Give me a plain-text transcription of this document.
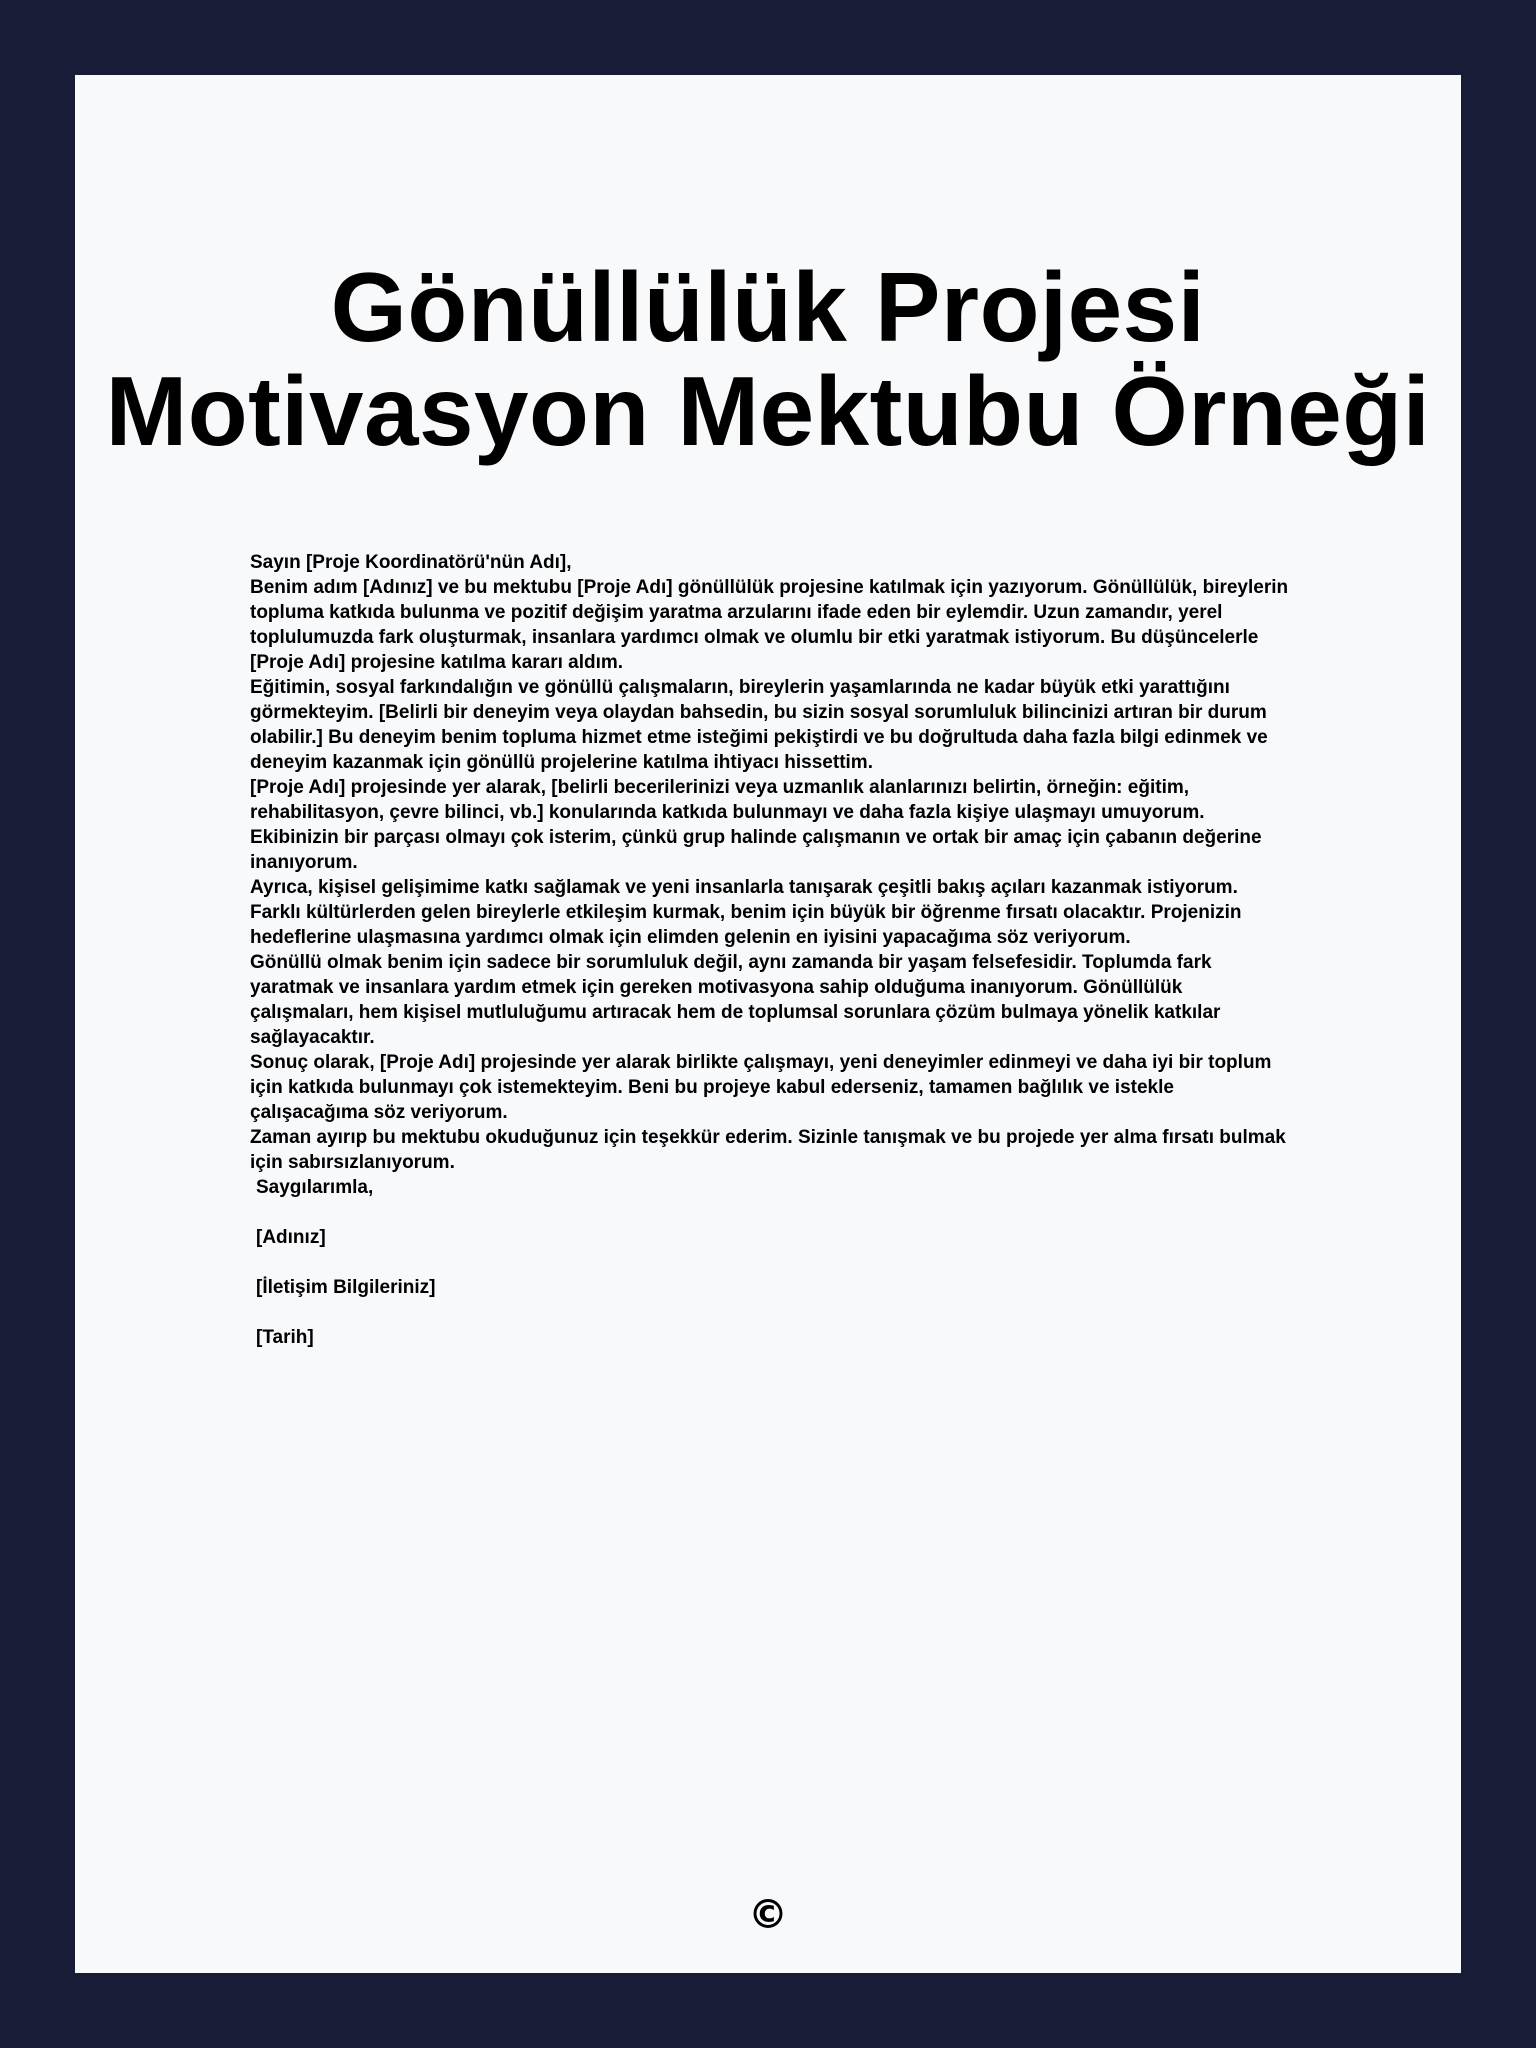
Gönüllülük Projesi
Motivasyon Mektubu Örneği

Sayın [Proje Koordinatörü'nün Adı],

Benim adım [Adınız] ve bu mektubu [Proje Adı] gönüllülük projesine katılmak için yazıyorum. Gönüllülük, bireylerin topluma katkıda bulunma ve pozitif değişim yaratma arzularını ifade eden bir eylemdir. Uzun zamandır, yerel toplulumuzda fark oluşturmak, insanlara yardımcı olmak ve olumlu bir etki yaratmak istiyorum. Bu düşüncelerle [Proje Adı] projesine katılma kararı aldım.

Eğitimin, sosyal farkındalığın ve gönüllü çalışmaların, bireylerin yaşamlarında ne kadar büyük etki yarattığını görmekteyim. [Belirli bir deneyim veya olaydan bahsedin, bu sizin sosyal sorumluluk bilincinizi artıran bir durum olabilir.] Bu deneyim benim topluma hizmet etme isteğimi pekiştirdi ve bu doğrultuda daha fazla bilgi edinmek ve deneyim kazanmak için gönüllü projelerine katılma ihtiyacı hissettim.

[Proje Adı] projesinde yer alarak, [belirli becerilerinizi veya uzmanlık alanlarınızı belirtin, örneğin: eğitim, rehabilitasyon, çevre bilinci, vb.] konularında katkıda bulunmayı ve daha fazla kişiye ulaşmayı umuyorum. Ekibinizin bir parçası olmayı çok isterim, çünkü grup halinde çalışmanın ve ortak bir amaç için çabanın değerine inanıyorum.

Ayrıca, kişisel gelişimime katkı sağlamak ve yeni insanlarla tanışarak çeşitli bakış açıları kazanmak istiyorum. Farklı kültürlerden gelen bireylerle etkileşim kurmak, benim için büyük bir öğrenme fırsatı olacaktır. Projenizin hedeflerine ulaşmasına yardımcı olmak için elimden gelenin en iyisini yapacağıma söz veriyorum.

Gönüllü olmak benim için sadece bir sorumluluk değil, aynı zamanda bir yaşam felsefesidir. Toplumda fark yaratmak ve insanlara yardım etmek için gereken motivasyona sahip olduğuma inanıyorum. Gönüllülük çalışmaları, hem kişisel mutluluğumu artıracak hem de toplumsal sorunlara çözüm bulmaya yönelik katkılar sağlayacaktır.

Sonuç olarak, [Proje Adı] projesinde yer alarak birlikte çalışmayı, yeni deneyimler edinmeyi ve daha iyi bir toplum için katkıda bulunmayı çok istemekteyim. Beni bu projeye kabul ederseniz, tamamen bağlılık ve istekle çalışacağıma söz veriyorum.

Zaman ayırıp bu mektubu okuduğunuz için teşekkür ederim. Sizinle tanışmak ve bu projede yer alma fırsatı bulmak için sabırsızlanıyorum.

Saygılarımla,

[Adınız]

[İletişim Bilgileriniz]

[Tarih]

©
